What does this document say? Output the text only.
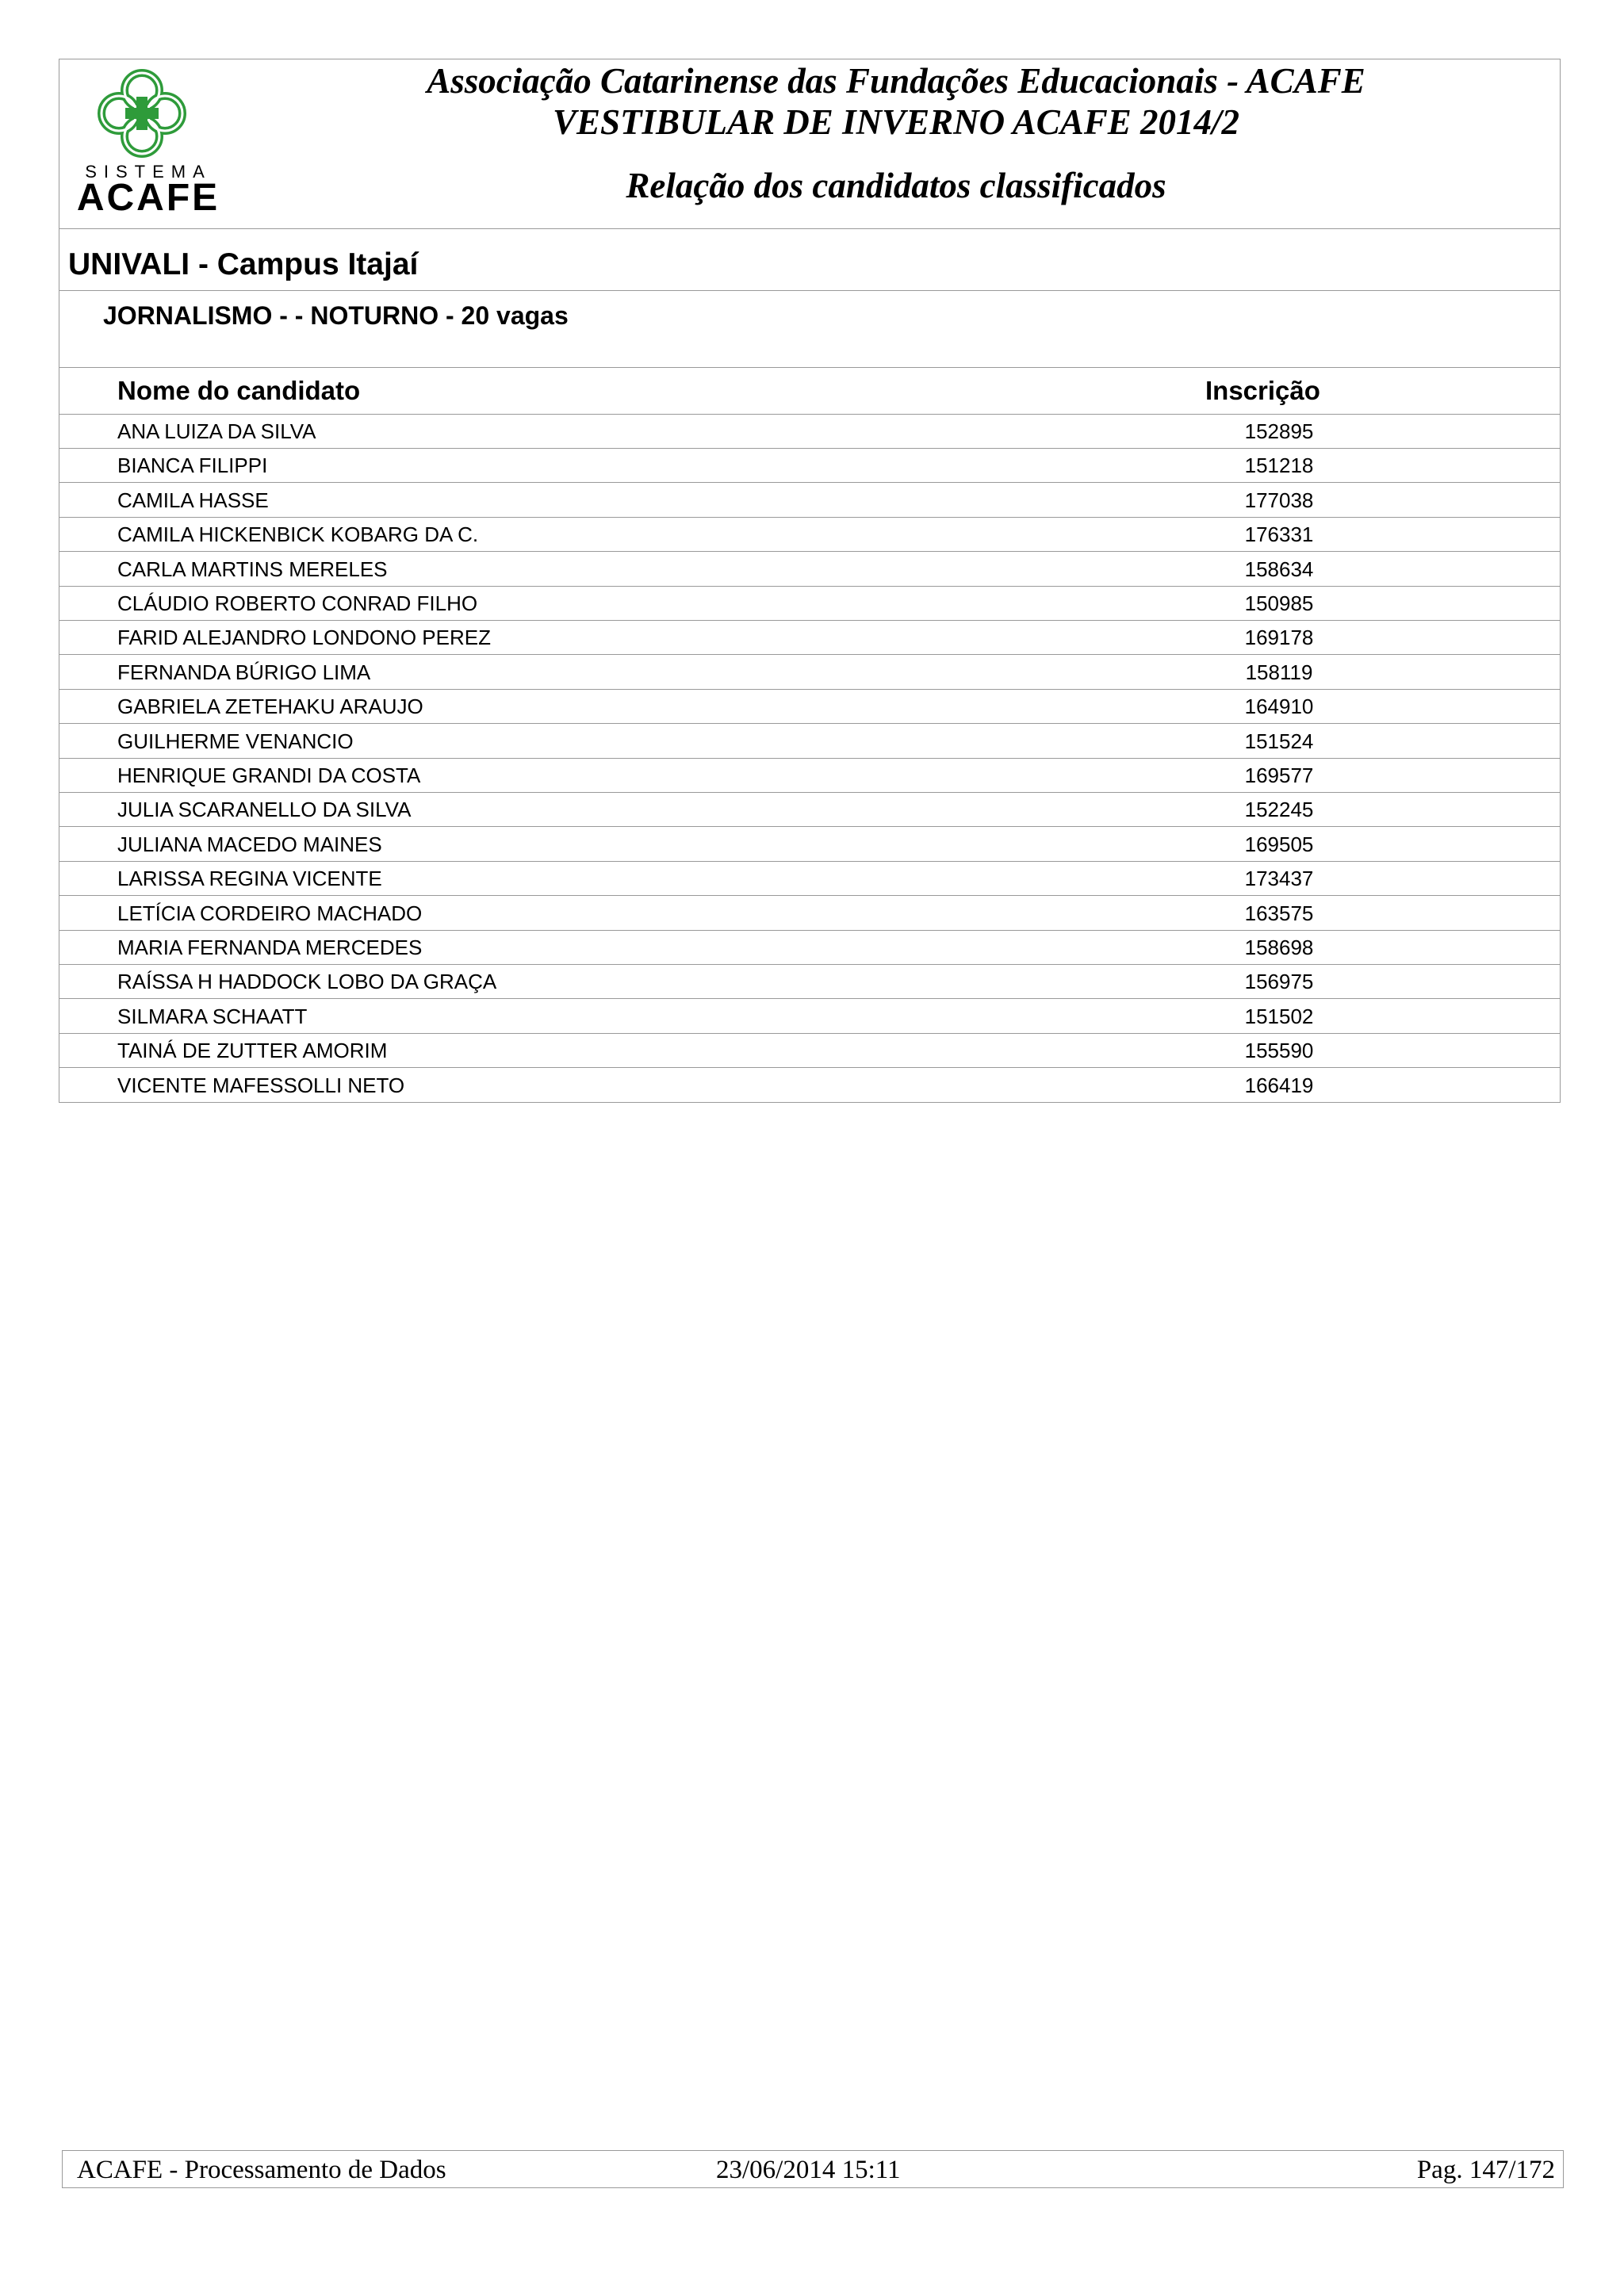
SISTEMA
ACAFE
Associação Catarinense das Fundações Educacionais - ACAFE
VESTIBULAR DE INVERNO ACAFE 2014/2
Relação dos candidatos classificados
UNIVALI - Campus Itajaí
JORNALISMO - - NOTURNO - 20 vagas
Nome do candidato	Inscrição
ANA LUIZA DA SILVA	152895
BIANCA FILIPPI	151218
CAMILA HASSE	177038
CAMILA HICKENBICK KOBARG DA C.	176331
CARLA MARTINS MERELES	158634
CLÁUDIO ROBERTO CONRAD FILHO	150985
FARID ALEJANDRO LONDONO PEREZ	169178
FERNANDA BÚRIGO LIMA	158119
GABRIELA ZETEHAKU ARAUJO	164910
GUILHERME VENANCIO	151524
HENRIQUE GRANDI DA COSTA	169577
JULIA SCARANELLO DA SILVA	152245
JULIANA MACEDO MAINES	169505
LARISSA REGINA VICENTE	173437
LETÍCIA CORDEIRO MACHADO	163575
MARIA FERNANDA MERCEDES	158698
RAÍSSA H HADDOCK LOBO DA GRAÇA	156975
SILMARA SCHAATT	151502
TAINÁ DE ZUTTER AMORIM	155590
VICENTE MAFESSOLLI NETO	166419
ACAFE - Processamento de Dados	23/06/2014 15:11	Pag. 147/172
